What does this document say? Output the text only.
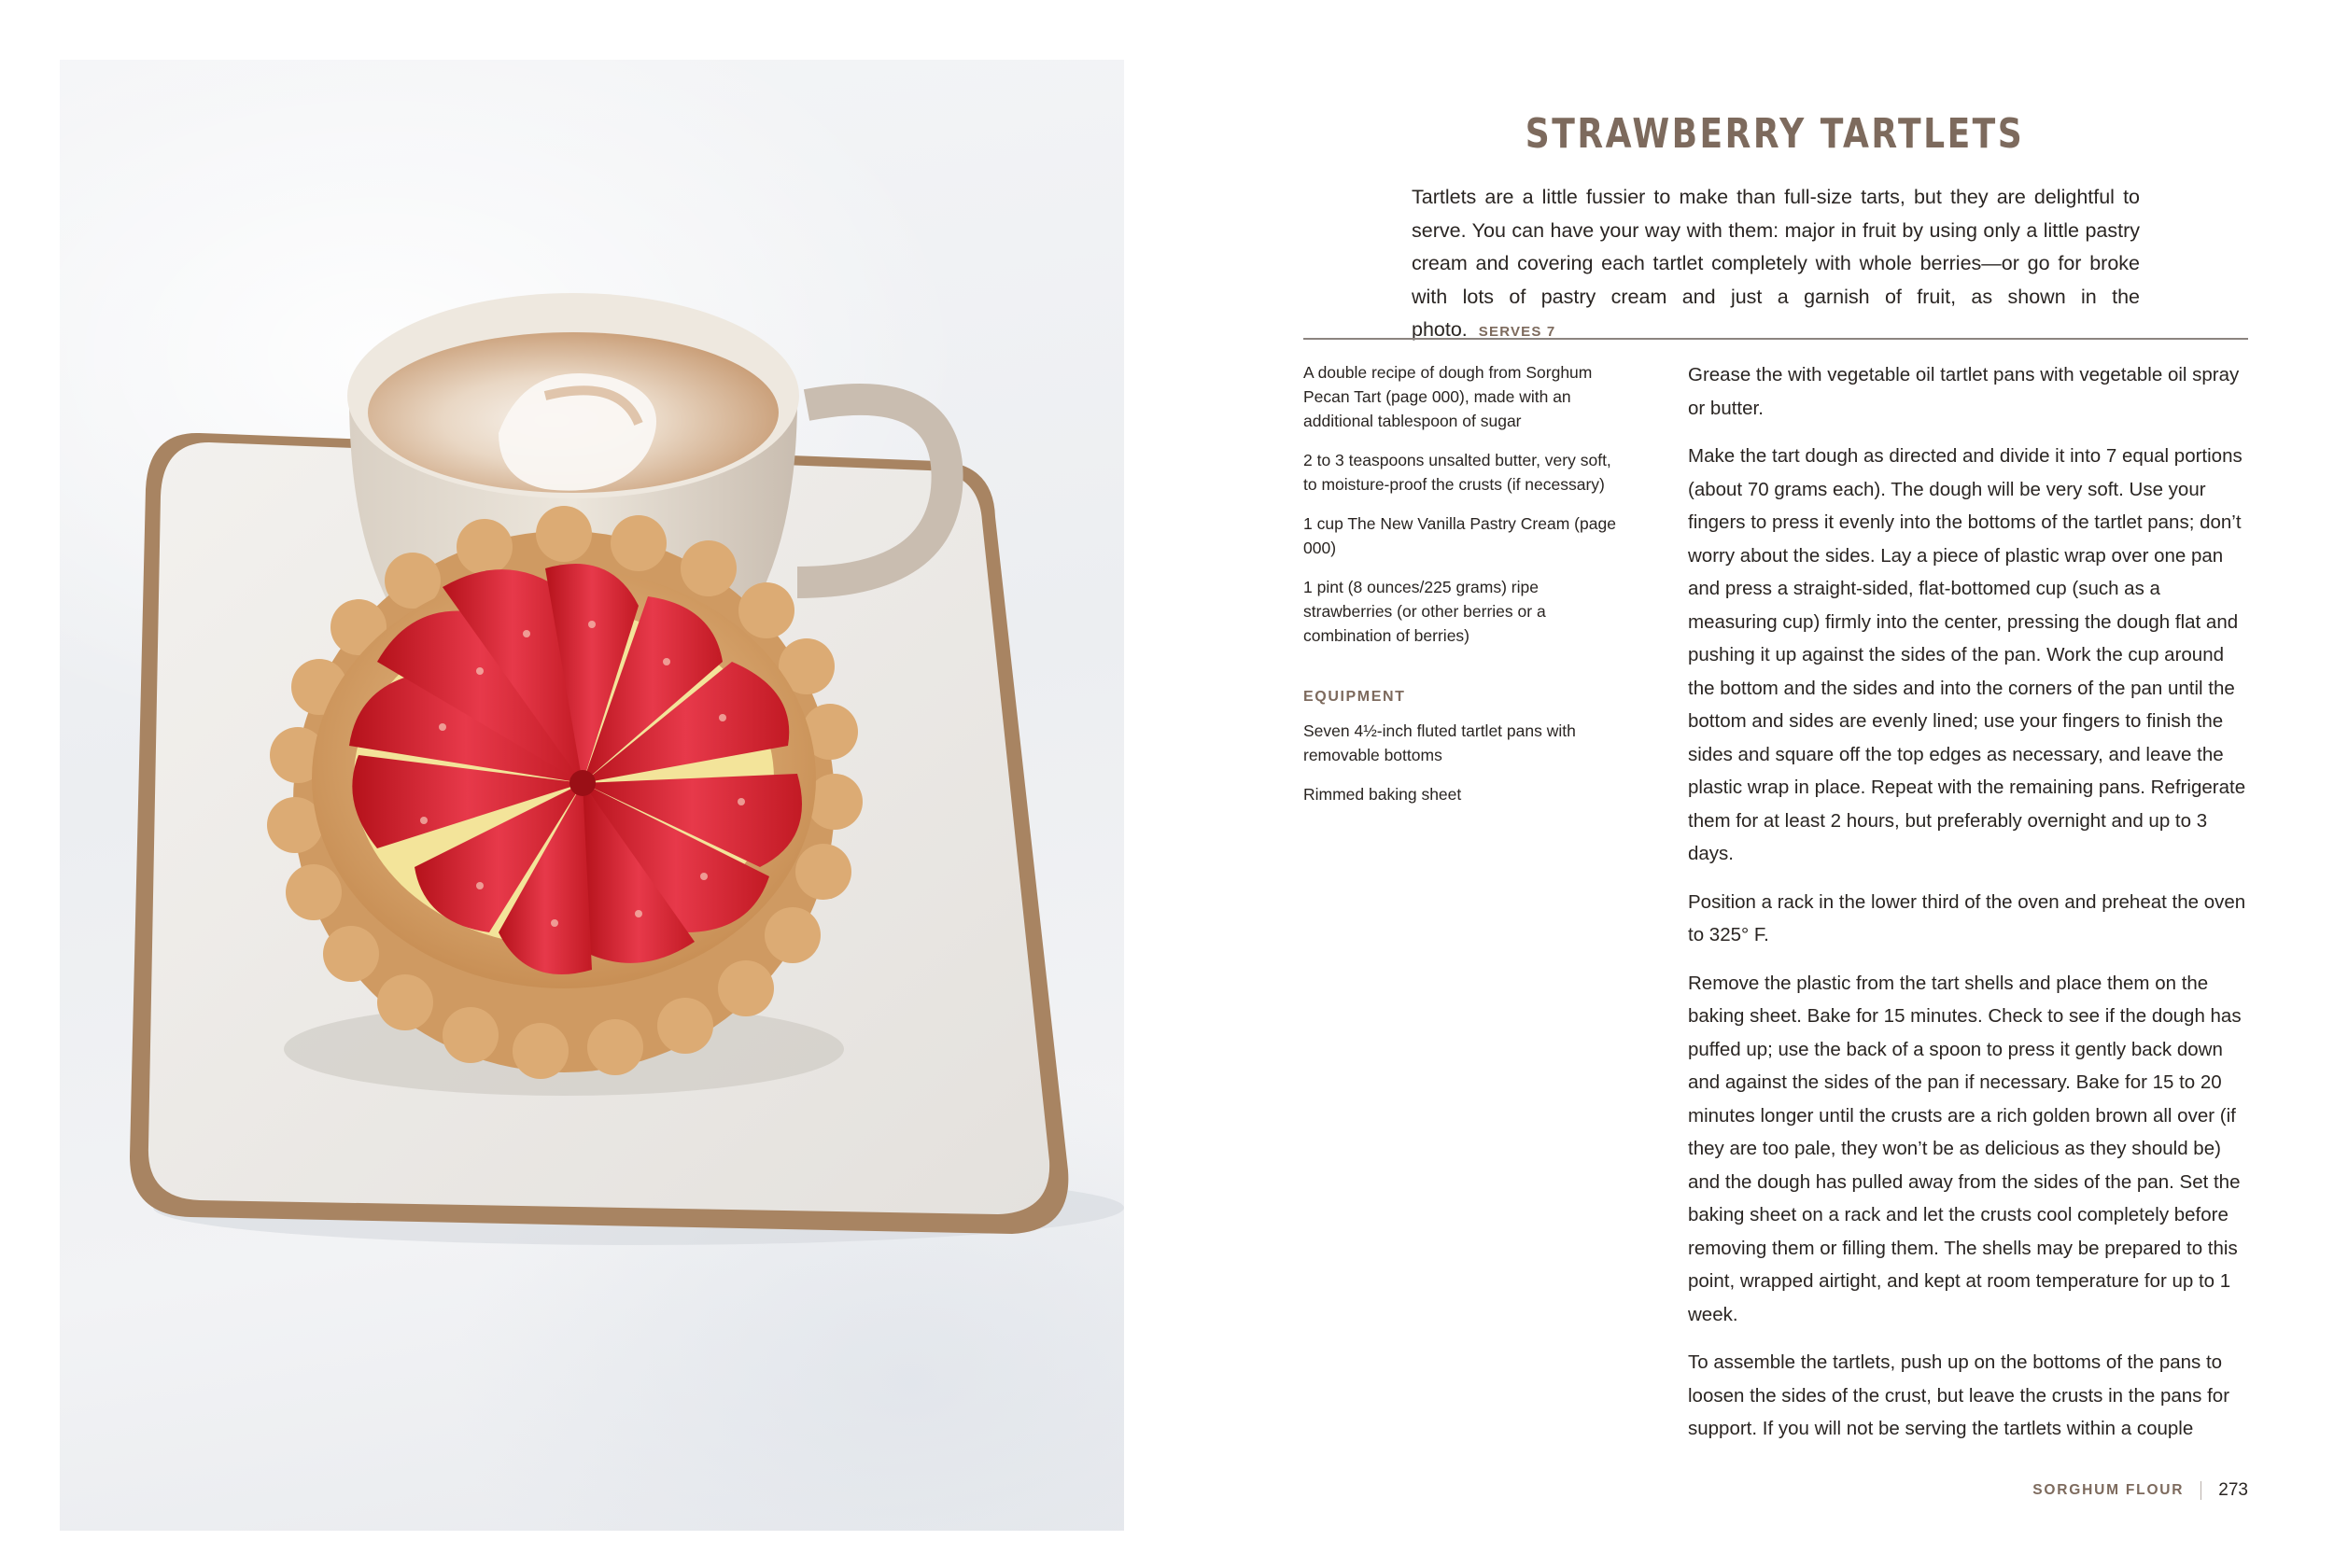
STRAWBERRY TARTLETS

Tartlets are a little fussier to make than full-size tarts, but they are delightful to serve. You can have your way with them: major in fruit by using only a little pastry cream and covering each tartlet completely with whole berries—or go for broke with lots of pastry cream and just a garnish of fruit, as shown in the photo. SERVES 7

A double recipe of dough from Sorghum Pecan Tart (page 000), made with an additional tablespoon of sugar

2 to 3 teaspoons unsalted butter, very soft, to moisture-proof the crusts (if necessary)

1 cup The New Vanilla Pastry Cream (page 000)

1 pint (8 ounces/225 grams) ripe strawberries (or other berries or a combination of berries)

EQUIPMENT

Seven 4½-inch fluted tartlet pans with removable bottoms

Rimmed baking sheet

Grease the with vegetable oil tartlet pans with vegetable oil spray or butter.

Make the tart dough as directed and divide it into 7 equal portions (about 70 grams each). The dough will be very soft. Use your fingers to press it evenly into the bottoms of the tartlet pans; don’t worry about the sides. Lay a piece of plastic wrap over one pan and press a straight-sided, flat-bottomed cup (such as a measuring cup) firmly into the center, pressing the dough flat and pushing it up against the sides of the pan. Work the cup around the bottom and the sides and into the corners of the pan until the bottom and sides are evenly lined; use your fingers to finish the sides and square off the top edges as necessary, and leave the plastic wrap in place. Repeat with the remaining pans. Refrigerate them for at least 2 hours, but preferably overnight and up to 3 days.

Position a rack in the lower third of the oven and preheat the oven to 325° F.

Remove the plastic from the tart shells and place them on the baking sheet. Bake for 15 minutes. Check to see if the dough has puffed up; use the back of a spoon to press it gently back down and against the sides of the pan if necessary. Bake for 15 to 20 minutes longer until the crusts are a rich golden brown all over (if they are too pale, they won’t be as delicious as they should be) and the dough has pulled away from the sides of the pan. Set the baking sheet on a rack and let the crusts cool completely before removing them or filling them. The shells may be prepared to this point, wrapped airtight, and kept at room temperature for up to 1 week.

To assemble the tartlets, push up on the bottoms of the pans to loosen the sides of the crust, but leave the crusts in the pans for support. If you will not be serving the tartlets within a couple

SORGHUM FLOUR 273
